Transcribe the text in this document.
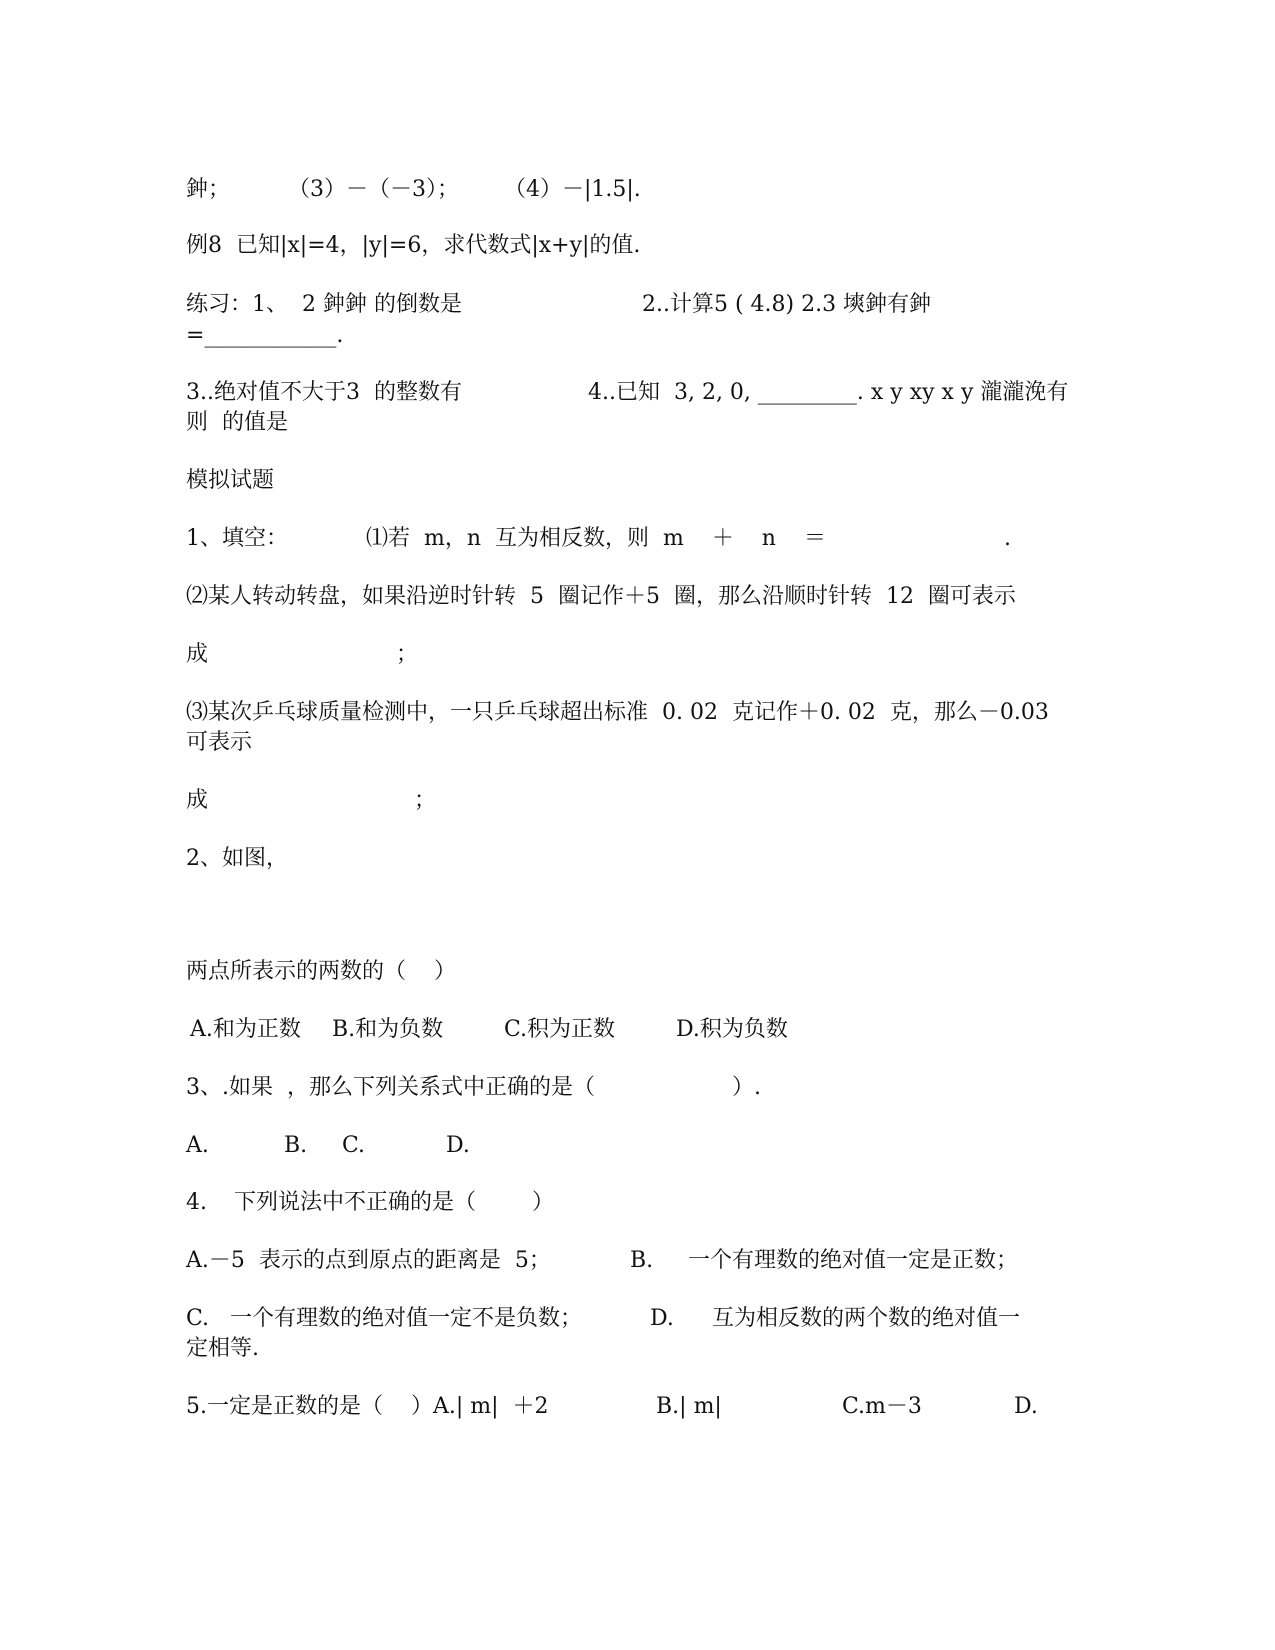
鈡；

	（3）－（－3）；

（4）－|1.5|.

例8  已知|x|=4，|y|=6，求代数式|x+y|的值.

练习：1、  2 鈡鈡 的倒数是

	2..计算5 ( 4.8) 2.3 塽鈡有鈡

=____________.

3..绝对值不大于3  的整数有

	4..已知  3, 2, 0, _________. x y xy x y 瀧瀧浼有

则  的值是

模拟试题

1、填空：

	⑴若  m，n  互为相反数，则  m    ＋    n    ＝

	.

⑵某人转动转盘，如果沿逆时针转  5  圈记作＋5  圈，那么沿顺时针转  12  圈可表示

成

	；

⑶某次乒乓球质量检测中，一只乒乓球超出标准  0. 02  克记作＋0. 02  克，那么－0.03

可表示

成

	；

2、如图，

两点所表示的两数的（    ）

A.和为正数

B.和为负数

	C.积为正数

	D.积为负数

3、.如果  ，那么下列关系式中正确的是（

	）.

A.

	B.

C.

	D.

4.

下列说法中不正确的是（        ）

A.－5  表示的点到原点的距离是  5；

	B.

一个有理数的绝对值一定是正数；

C.   一个有理数的绝对值一定不是负数；

	D.

互为相反数的两个数的绝对值一

定相等.

5.一定是正数的是（    ）A.| m|  ＋2

	B.| m|

	C.m－3

	D.
